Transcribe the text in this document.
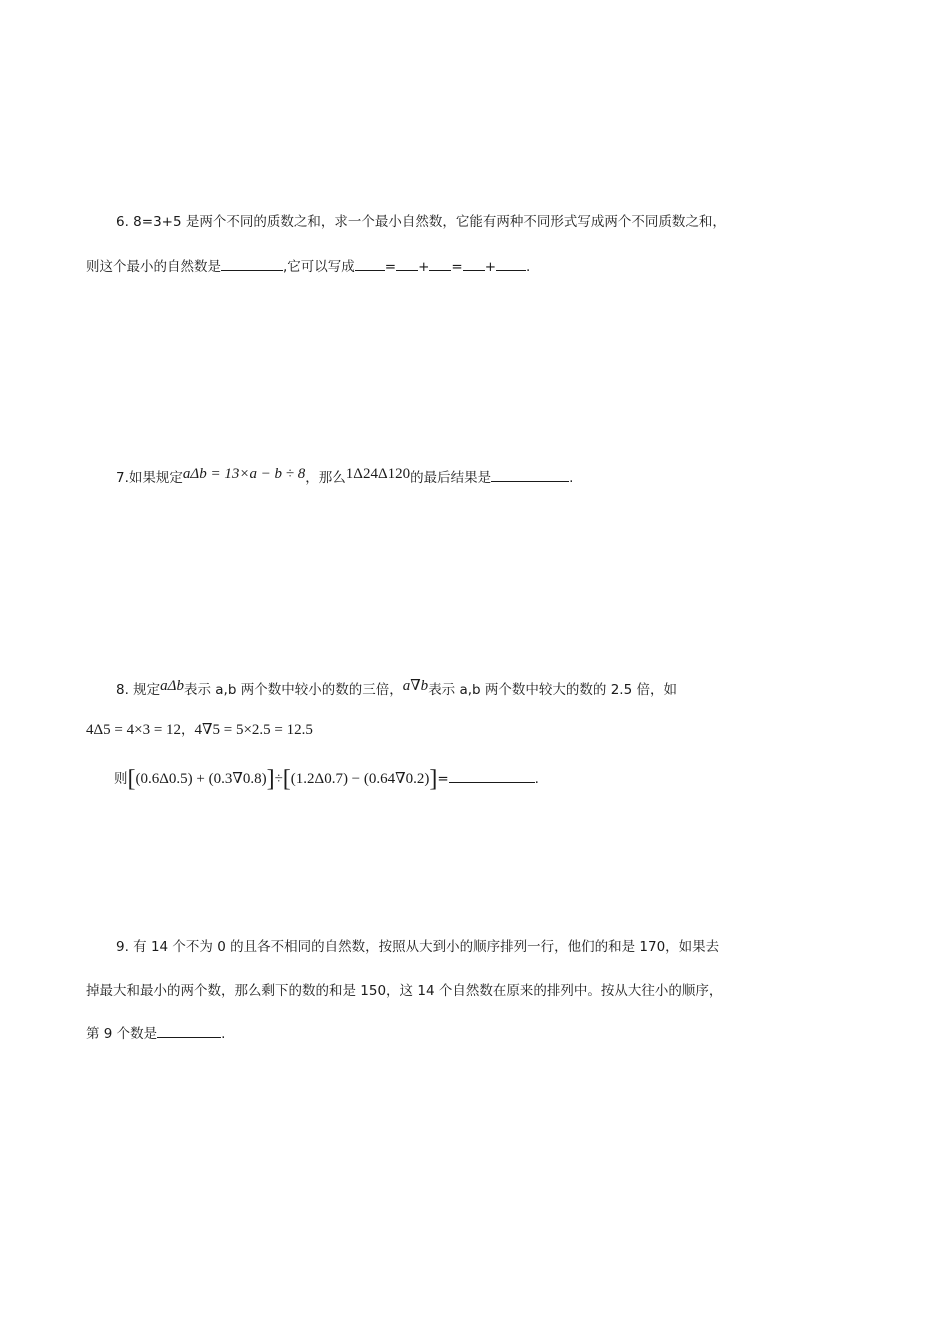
6. 8=3+5 是两个不同的质数之和，求一个最小自然数，它能有两种不同形式写成两个不同质数之和，
则这个最小的自然数是	,它可以写成 = + = + .
7.如果规定aΔb = 13×a − b ÷ 8，那么1Δ24Δ120的最后结果是	.
8. 规定aΔb表示 a,b 两个数中较小的数的三倍，a∇b表示 a,b 两个数中较大的数的 2.5 倍，如
4Δ5 = 4×3 = 12，4∇5 = 5×2.5 = 12.5
则[(0.6Δ0.5) + (0.3∇0.8)]÷[(1.2Δ0.7) − (0.64∇0.2)]=	.
9. 有 14 个不为 0 的且各不相同的自然数，按照从大到小的顺序排列一行，他们的和是 170，如果去
掉最大和最小的两个数，那么剩下的数的和是 150，这 14 个自然数在原来的排列中。按从大往小的顺序，
第 9 个数是	.
